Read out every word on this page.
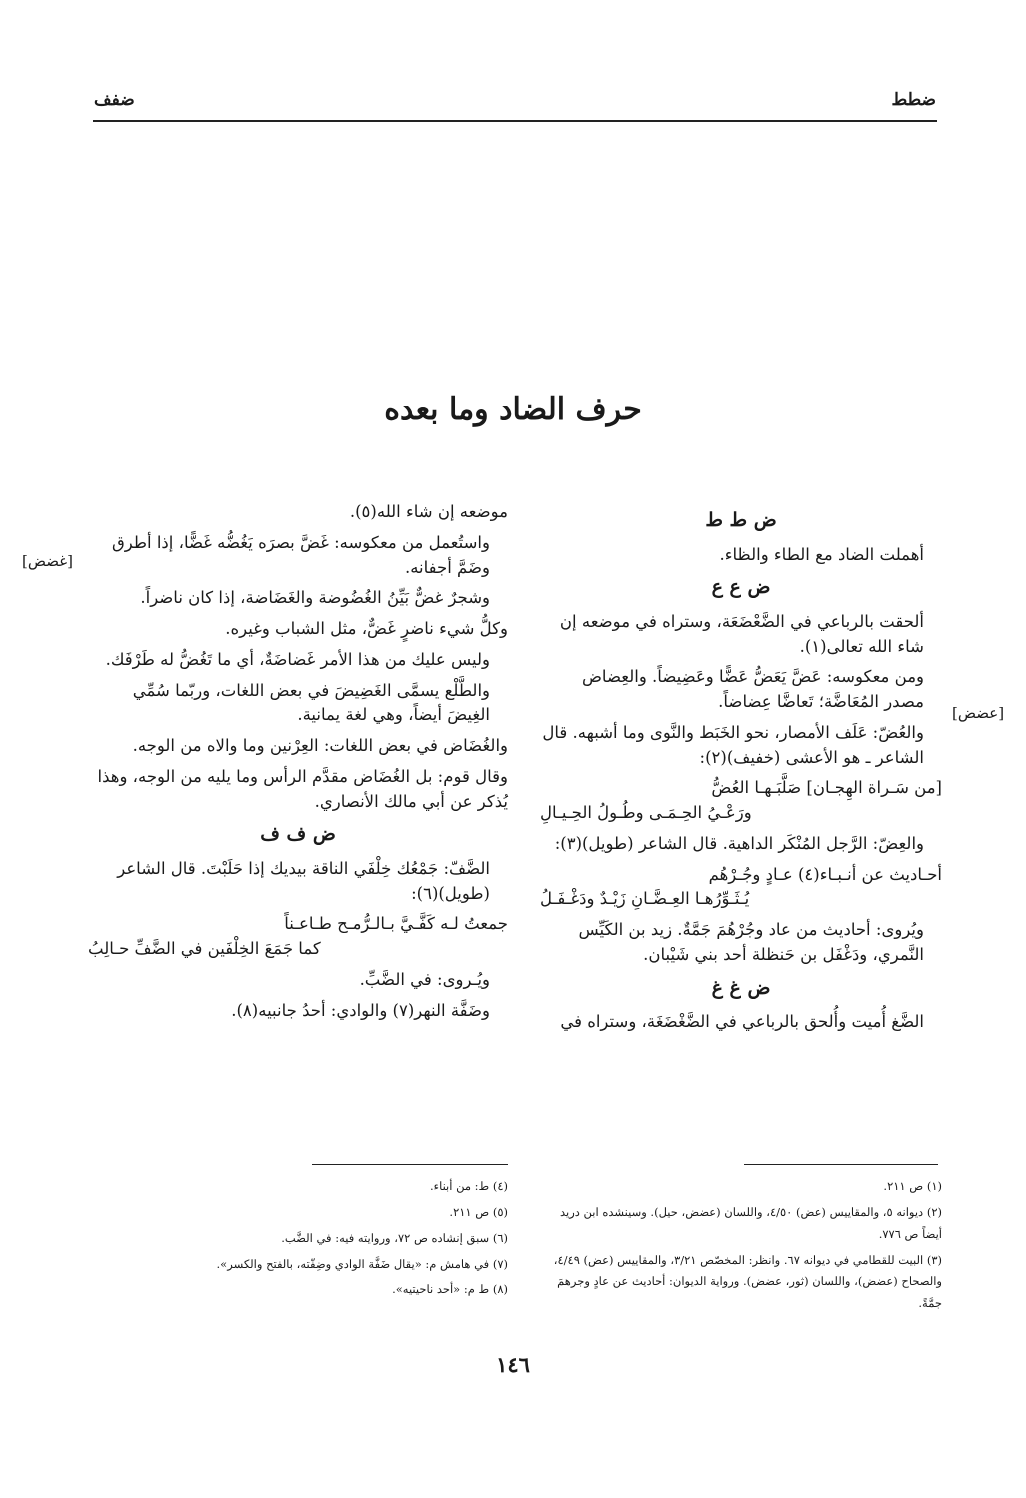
ضطط
ضفف
حرف الضاد وما بعده
ض ط ط

أهملت الضاد مع الطاء والظاء.

ض ع ع

ألحقت بالرباعي في الضَّعْضَعَة، وستراه في موضعه إن شاء الله تعالى(١).

ومن معكوسه: عَضَّ يَعَضُّ عَضًّا وعَضِيضاً. والعِضاض مصدر المُعَاضَّة؛ تَعاضَّا عِضاضاً.

والعُضّ: عَلَف الأمصار، نحو الخَبَط والنَّوى وما أشبهه. قال الشاعر ـ هو الأعشى (خفيف)(٢):

[من سَـراة الهِجـان] صَلَّبَـهـا العُضُّ
ورَعْـيُ الحِـمَـى وطُـولُ الحِـيـالِ

والعِضّ: الرَّجل المُنْكَر الداهية. قال الشاعر (طويل)(٣):

أحـاديث عن أنـبـاء(٤) عـادٍ وجُـرْهُم
يُـثَـوِّرُهـا العِـضَّـانِ زَيْـدٌ ودَغْـفَـلُ

ويُروى: أحاديث من عاد وجُرْهُمَ جَمَّةٌ. زيد بن الكَيِّس النَّمري، ودَغْفَل بن حَنظلة أحد بني شَيْبان.

ض غ غ

الضَّغ أُميت وأُلحق بالرباعي في الضَّغْضَغَة، وستراه في

[عضض]

موضعه إن شاء الله(٥).

واستُعمل من معكوسه: غَضَّ بصرَه يَغُضُّه غَضًّا، إذا أطرق وضَمَّ أجفانه.

وشجرٌ غضٌّ بَيِّنُ الغُضُوضة والغَضَاضة، إذا كان ناضراً.

وكلُّ شيء ناضرٍ غَضٌّ، مثل الشباب وغيره.

وليس عليك من هذا الأمر غَضاضَةٌ، أي ما تَغُضُّ له طَرْفَك.

والطَّلْع يسمَّى الغَضِيضَ في بعض اللغات، وربّما سُمِّي الغِيضَ أيضاً، وهي لغة يمانية.

والغُضَاض في بعض اللغات: العِرْنين وما والاه من الوجه.

وقال قوم: بل الغُضَاض مقدَّم الرأس وما يليه من الوجه، وهذا يُذكر عن أبي مالك الأنصاري.

ض ف ف

الضَّفّ: جَمْعُك خِلْفَي الناقة بيديك إذا حَلَبْتَ. قال الشاعر (طويل)(٦):

جمعتُ لـه كَفَّـيَّ بـالـرُّمـح طـاعـناً
كما جَمَعَ الخِلْفَين في الضَّفِّ حـالِبُ

ويُـروى: في الضَّبِّ.

وضَفَّة النهر(٧) والوادي: أحدُ جانبيه(٨).

[غضض]
(١) ص ٢١١.
(٢) ديوانه ٥، والمقاييس (عض) ٤/٥٠، واللسان (عضض، حيل). وسينشده ابن دريد أيضاً ص ٧٧٦.
(٣) البيت للقطامي في ديوانه ٦٧. وانظر: المخصّص ٣/٢١، والمقاييس (عض) ٤/٤٩، والصحاح (عضض)، واللسان (ثور، عضض). ورواية الديوان: أحاديث عن عادٍ وجرهمَ جمَّةً.
(٤) ط: من أبناء.
(٥) ص ٢١١.
(٦) سبق إنشاده ص ٧٢، وروايته فيه: في الضَّب.
(٧) في هامش م: «يقال ضَفَّة الوادي وضِفّته، بالفتح والكسر».
(٨) ط م: «أحد ناحيتيه».
١٤٦
